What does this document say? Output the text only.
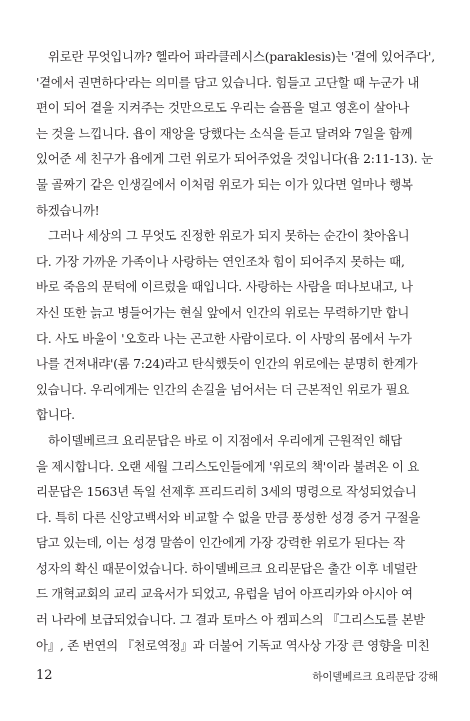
위로란 무엇입니까? 헬라어 파라클레시스(paraklesis)는 '곁에 있어주다',
'곁에서 권면하다'라는 의미를 담고 있습니다. 힘들고 고단할 때 누군가 내
편이 되어 곁을 지켜주는 것만으로도 우리는 슬픔을 덜고 영혼이 살아나
는 것을 느낍니다. 욥이 재앙을 당했다는 소식을 듣고 달려와 7일을 함께
있어준 세 친구가 욥에게 그런 위로가 되어주었을 것입니다(욥 2:11-13). 눈
물 골짜기 같은 인생길에서 이처럼 위로가 되는 이가 있다면 얼마나 행복
하겠습니까!
그러나 세상의 그 무엇도 진정한 위로가 되지 못하는 순간이 찾아옵니
다. 가장 가까운 가족이나 사랑하는 연인조차 힘이 되어주지 못하는 때,
바로 죽음의 문턱에 이르렀을 때입니다. 사랑하는 사람을 떠나보내고, 나
자신 또한 늙고 병들어가는 현실 앞에서 인간의 위로는 무력하기만 합니
다. 사도 바울이 '오호라 나는 곤고한 사람이로다. 이 사망의 몸에서 누가
나를 건져내랴'(롬 7:24)라고 탄식했듯이 인간의 위로에는 분명히 한계가
있습니다. 우리에게는 인간의 손길을 넘어서는 더 근본적인 위로가 필요
합니다.
하이델베르크 요리문답은 바로 이 지점에서 우리에게 근원적인 해답
을 제시합니다. 오랜 세월 그리스도인들에게 '위로의 책'이라 불려온 이 요
리문답은 1563년 독일 선제후 프리드리히 3세의 명령으로 작성되었습니
다. 특히 다른 신앙고백서와 비교할 수 없을 만큼 풍성한 성경 증거 구절을
담고 있는데, 이는 성경 말씀이 인간에게 가장 강력한 위로가 된다는 작
성자의 확신 때문이었습니다. 하이델베르크 요리문답은 출간 이후 네덜란
드 개혁교회의 교리 교육서가 되었고, 유럽을 넘어 아프리카와 아시아 여
러 나라에 보급되었습니다. 그 결과 토마스 아 켐피스의 『그리스도를 본받
아』, 존 번연의 『천로역정』과 더불어 기독교 역사상 가장 큰 영향을 미친
12	하이델베르크 요리문답 강해
